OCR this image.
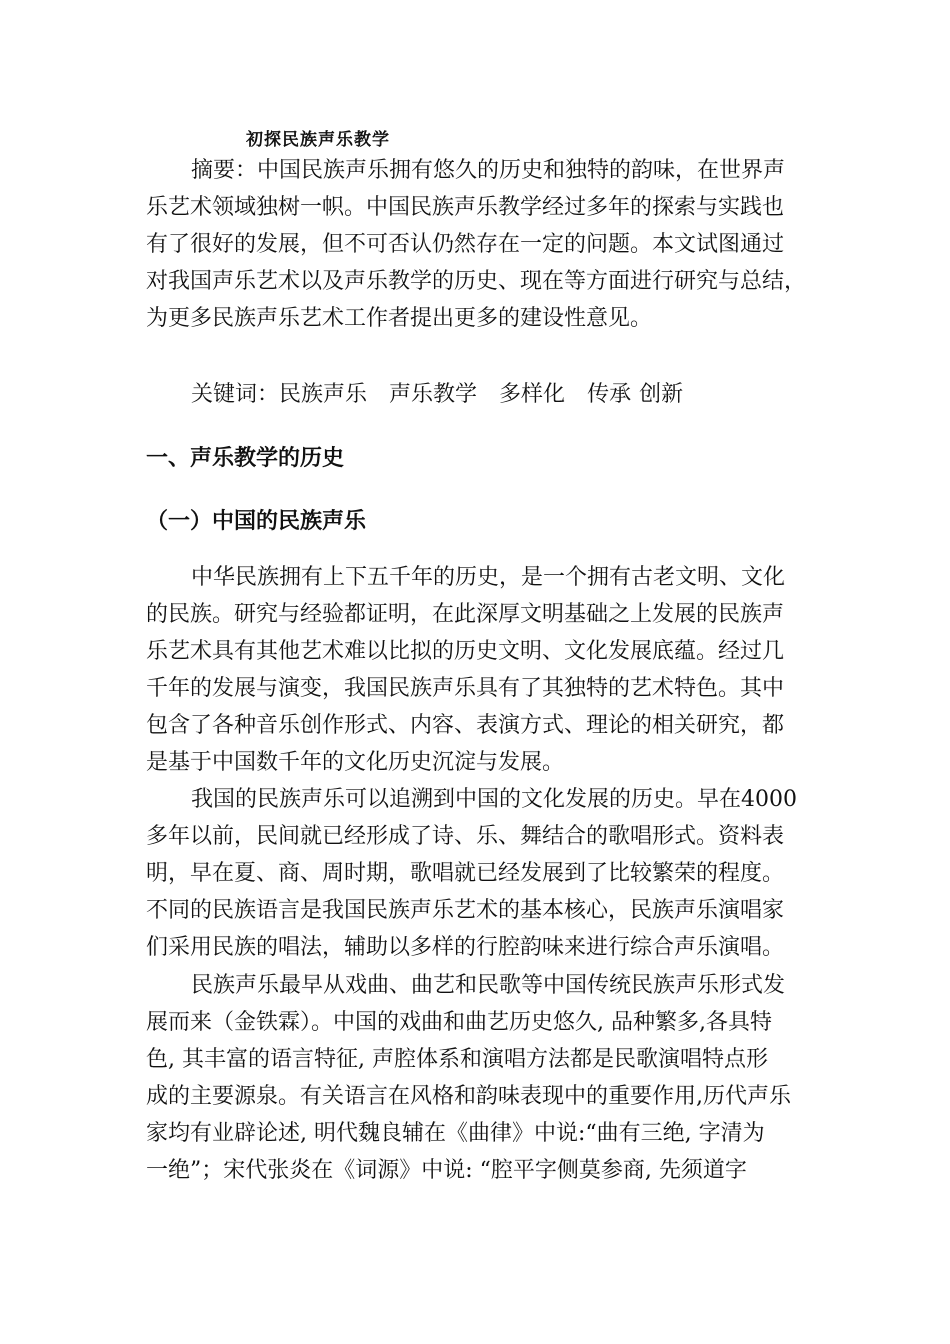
初探民族声乐教学
摘要：中国民族声乐拥有悠久的历史和独特的韵味，在世界声
乐艺术领域独树一帜。中国民族声乐教学经过多年的探索与实践也
有了很好的发展，但不可否认仍然存在一定的问题。本文试图通过
对我国声乐艺术以及声乐教学的历史、现在等方面进行研究与总结，
为更多民族声乐艺术工作者提出更多的建设性意见。
关键词：民族声乐 声乐教学 多样化 传承 创新
一、声乐教学的历史
（一）中国的民族声乐
中华民族拥有上下五千年的历史，是一个拥有古老文明、文化
的民族。研究与经验都证明，在此深厚文明基础之上发展的民族声
乐艺术具有其他艺术难以比拟的历史文明、文化发展底蕴。经过几
千年的发展与演变，我国民族声乐具有了其独特的艺术特色。其中
包含了各种音乐创作形式、内容、表演方式、理论的相关研究，都
是基于中国数千年的文化历史沉淀与发展。
我国的民族声乐可以追溯到中国的文化发展的历史。早在4000
多年以前，民间就已经形成了诗、乐、舞结合的歌唱形式。资料表
明，早在夏、商、周时期，歌唱就已经发展到了比较繁荣的程度。
不同的民族语言是我国民族声乐艺术的基本核心，民族声乐演唱家
们采用民族的唱法，辅助以多样的行腔韵味来进行综合声乐演唱。
民族声乐最早从戏曲、曲艺和民歌等中国传统民族声乐形式发
展而来（金铁霖）。中国的戏曲和曲艺历史悠久, 品种繁多,各具特
色, 其丰富的语言特征, 声腔体系和演唱方法都是民歌演唱特点形
成的主要源泉。有关语言在风格和韵味表现中的重要作用,历代声乐
家均有业辟论述, 明代魏良辅在《曲律》中说:“曲有三绝, 字清为
一绝”；宋代张炎在《词源》中说: “腔平字侧莫参商, 先须道字
